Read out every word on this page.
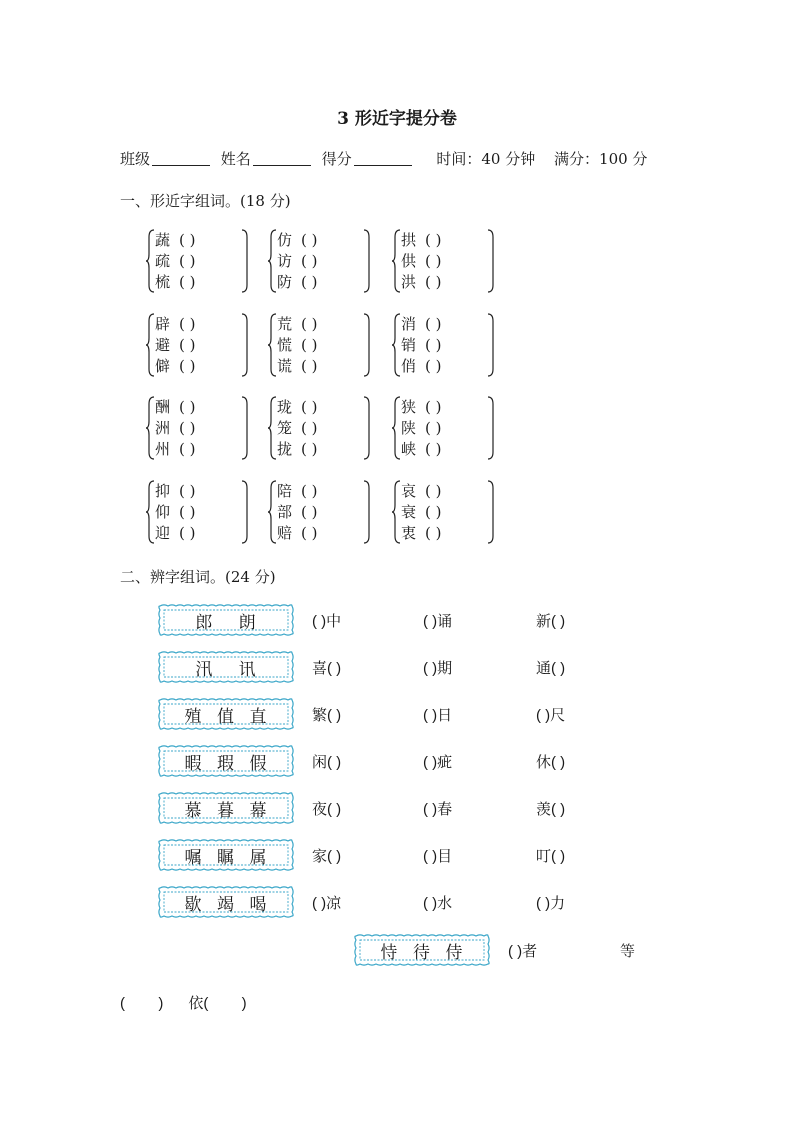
3 形近字提分卷
班级	姓名	得分	时间：40 分钟 满分：100 分
一、形近字组词。(18 分)
蔬 ( )
疏 ( )
梳 ( )
仿 ( )
访 ( )
防 ( )
拱 ( )
供 ( )
洪 ( )
辟 ( )
避 ( )
僻 ( )
荒 ( )
慌 ( )
谎 ( )
消 ( )
销 ( )
俏 ( )
酬 ( )
洲 ( )
州 ( )
珑 ( )
笼 ( )
拢 ( )
狭 ( )
陕 ( )
峡 ( )
抑 ( )
仰 ( )
迎 ( )
陪 ( )
部 ( )
赔 ( )
哀 ( )
衰 ( )
衷 ( )
二、辨字组词。(24 分)
郎 朗	( )中	( )诵	新( )
汛 讯	喜( )	( )期	通( )
殖 值 直	繁( )	( )日	( )尺
暇 瑕 假	闲( )	( )疵	休( )
慕 暮 幕	夜( )	( )春	羡( )
嘱 瞩 属	家( )	( )目	叮( )
歇 竭 喝	( )凉	( )水	( )力
恃 待 侍	( )者	等
(        )      依(        )
